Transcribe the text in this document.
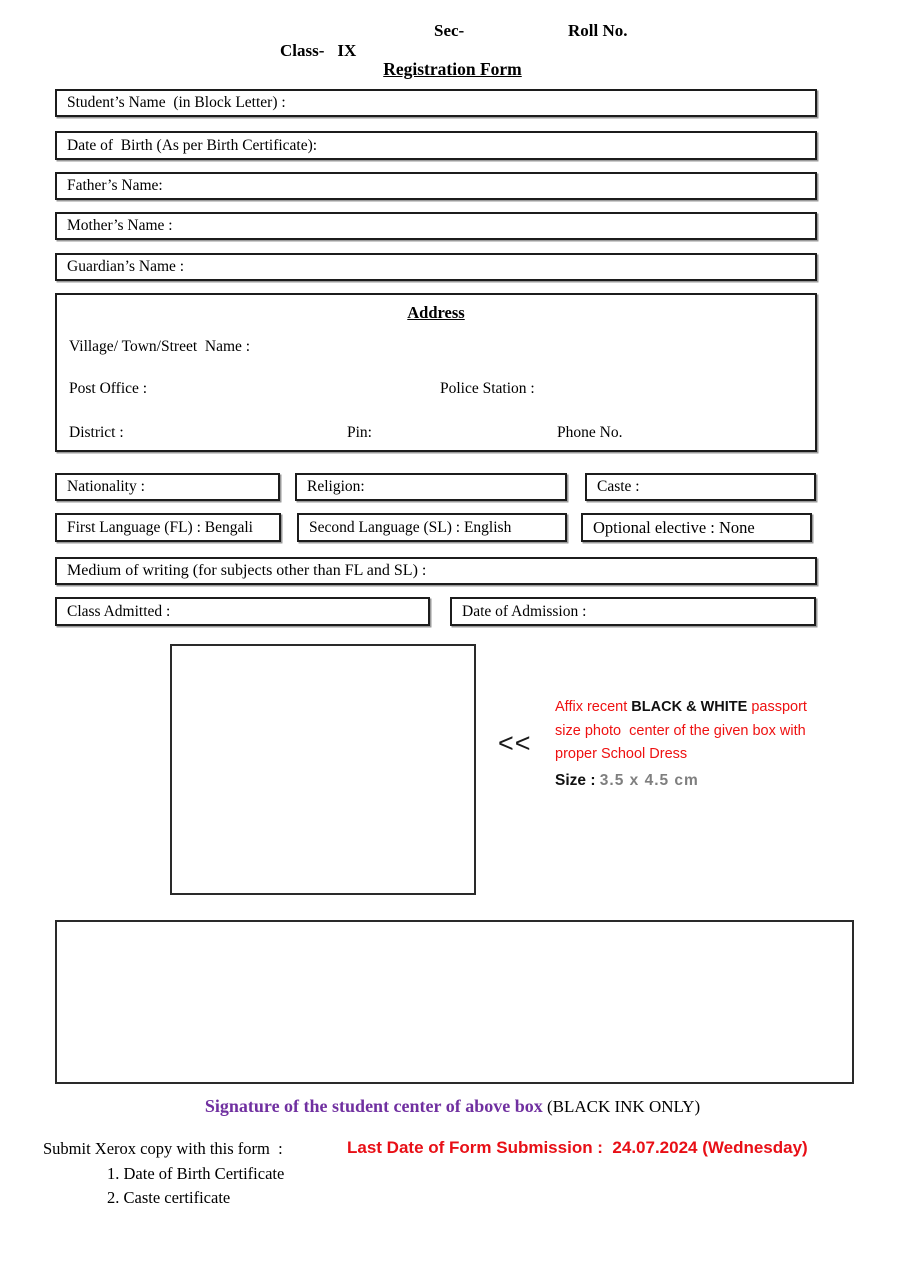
Class- IX

Sec-	Roll No.
Registration Form
Student’s Name  (in Block Letter) :
Date of  Birth (As per Birth Certificate):
Father’s Name:
Mother’s Name :
Guardian’s Name :
Address
Village/ Town/Street  Name :
Post Office :	Police Station :
District :	Pin:	Phone No.
Nationality :	Religion:	Caste :
First Language (FL) : Bengali	Second Language (SL) : English	Optional elective : None
Medium of writing (for subjects other than FL and SL) :
Class Admitted :	Date of Admission :
<<
Affix recent BLACK & WHITE passport
size photo  center of the given box with
proper School Dress
Size : 3.5 x 4.5 cm
Signature of the student center of above box (BLACK INK ONLY)
Submit Xerox copy with this form  :
1. Date of Birth Certificate
2. Caste certificate
Last Date of Form Submission :  24.07.2024 (Wednesday)
